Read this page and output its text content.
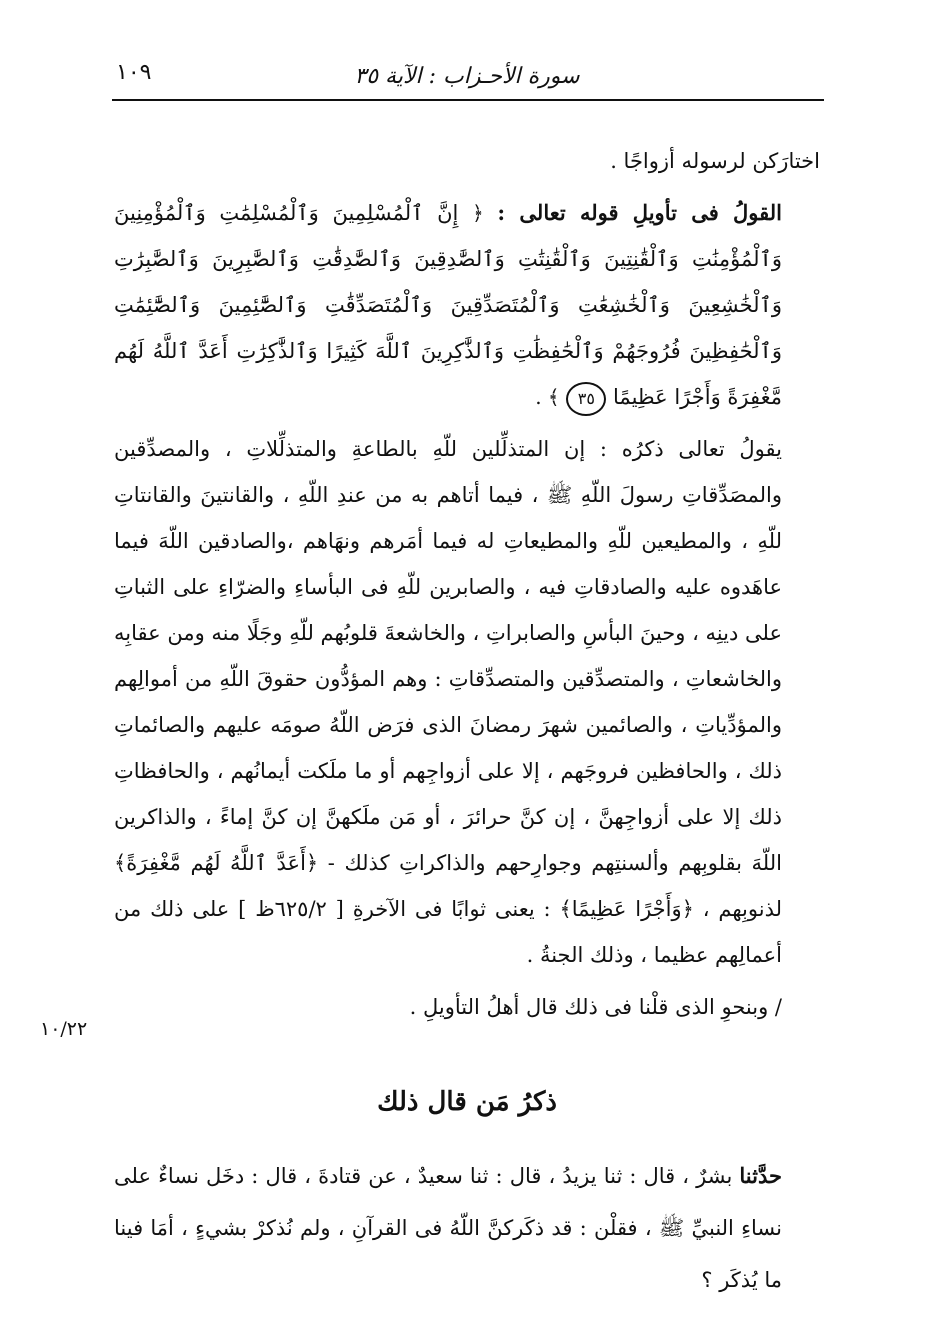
سورة الأحـزاب : الآية ٣٥
١٠٩

اختارَكن لرسوله أزواجًا .

القولُ فى تأويلِ قوله تعالى : ﴿ إِنَّ ٱلْمُسْلِمِينَ وَٱلْمُسْلِمَٰتِ وَٱلْمُؤْمِنِينَ وَٱلْمُؤْمِنَٰتِ وَٱلْقَٰنِتِينَ وَٱلْقَٰنِتَٰتِ وَٱلصَّٰدِقِينَ وَٱلصَّٰدِقَٰتِ وَٱلصَّٰبِرِينَ وَٱلصَّٰبِرَٰتِ وَٱلْخَٰشِعِينَ وَٱلْخَٰشِعَٰتِ وَٱلْمُتَصَدِّقِينَ وَٱلْمُتَصَدِّقَٰتِ وَٱلصَّٰٓئِمِينَ وَٱلصَّٰٓئِمَٰتِ وَٱلْحَٰفِظِينَ فُرُوجَهُمْ وَٱلْحَٰفِظَٰتِ وَٱلذَّٰكِرِينَ ٱللَّهَ كَثِيرًا وَٱلذَّٰكِرَٰتِ أَعَدَّ ٱللَّهُ لَهُم مَّغْفِرَةً وَأَجْرًا عَظِيمًا ٣٥ ﴾ .

يقولُ تعالى ذكرُه : إن المتذلِّلين للّهِ بالطاعةِ والمتذلِّلاتِ ، والمصدِّقين والمصَدِّقاتِ رسولَ اللّهِ ﷺ ، فيما أتاهم به من عندِ اللّهِ ، والقانتينَ والقانتاتِ للّهِ ، والمطيعين للّهِ والمطيعاتِ له فيما أمَرهم ونهَاهم ،والصادقين اللّهَ فيما عاهَدوه عليه والصادقاتِ فيه ، والصابرين للّهِ فى البأساءِ والضرّاءِ على الثباتِ على دينِه ، وحينَ البأسِ والصابراتِ ، والخاشعةَ قلوبُهم للّهِ وجَلًا منه ومن عقابِه والخاشعاتِ ، والمتصدِّقين والمتصدِّقاتِ : وهم المؤدُّون حقوقَ اللّهِ من أموالِهم والمؤدِّياتِ ، والصائمين شهرَ رمضانَ الذى فرَض اللّهُ صومَه عليهم والصائماتِ ذلك ، والحافظين فروجَهم ، إلا على أزواجِهم أو ما ملَكت أيمانُهم ، والحافظاتِ ذلك إلا على أزواجِهنَّ ، إن كنَّ حرائرَ ، أو مَن ملَكهنَّ إن كنَّ إماءً ، والذاكرين اللّهَ بقلوبِهم وألسنتِهم وجوارِحهم والذاكراتِ كذلك - ﴿أَعَدَّ ٱللَّهُ لَهُم مَّغْفِرَةً﴾ لذنوبِهم ، ﴿وَأَجْرًا عَظِيمًا﴾ : يعنى ثوابًا فى الآخرةِ [ ٦٢٥/٢ظ ] على ذلك من أعمالِهم عظيما ، وذلك الجنةُ .

/ وبنحوِ الذى قلْنا فى ذلك قال أهلُ التأويلِ .

١٠/٢٢
ذكرُ مَن قال ذلك

حدَّثنا بشرٌ ، قال : ثنا يزيدُ ، قال : ثنا سعيدٌ ، عن قتادةَ ، قال : دخَل نساءٌ على نساءِ النبيِّ ﷺ ، فقلْن : قد ذكَركنَّ اللّهُ فى القرآنِ ، ولم نُذكرْ بشيءٍ ، أمَا فينا ما يُذكَر ؟
